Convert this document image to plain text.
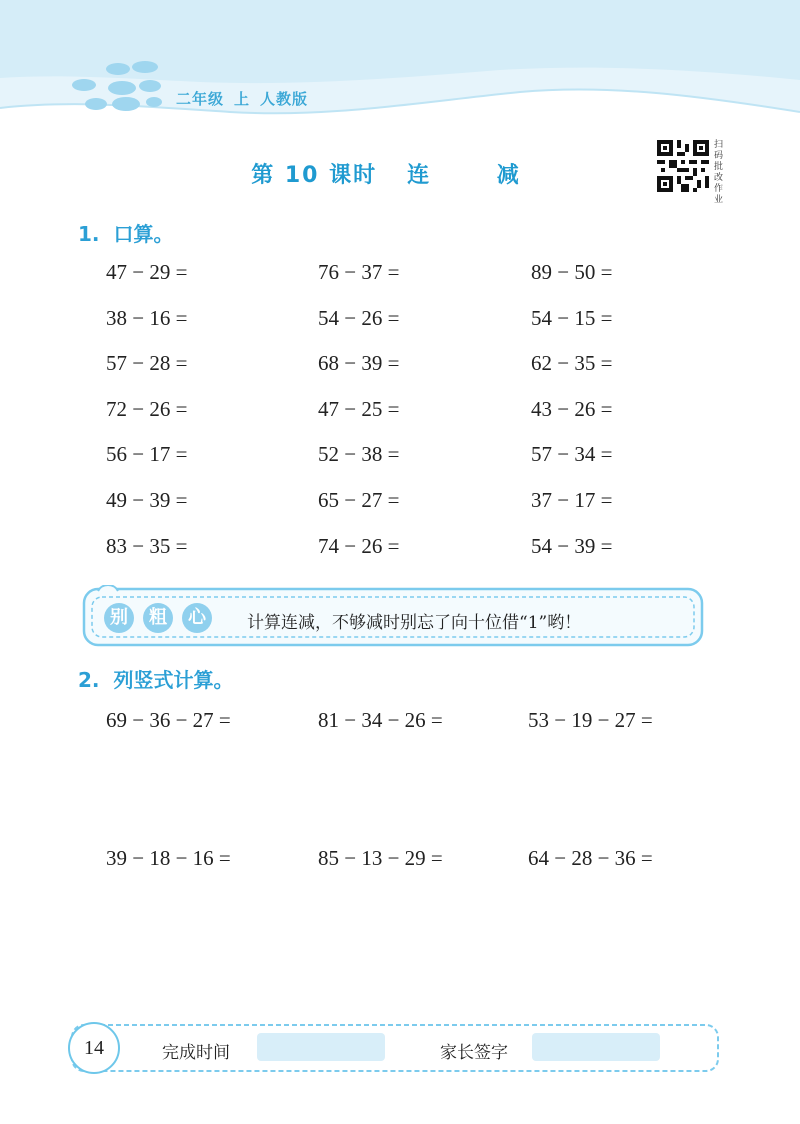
二年级 上 人教版
第 10 课时 连 减
扫码批改作业
1. 口算。
47 − 29 =	76 − 37 =	89 − 50 =
38 − 16 =	54 − 26 =	54 − 15 =
57 − 28 =	68 − 39 =	62 − 35 =
72 − 26 =	47 − 25 =	43 − 26 =
56 − 17 =	52 − 38 =	57 − 34 =
49 − 39 =	65 − 27 =	37 − 17 =
83 − 35 =	74 − 26 =	54 − 39 =
别	粗	心	计算连减，不够减时别忘了向十位借“1”哟！
2. 列竖式计算。
69 − 36 − 27 =	81 − 34 − 26 =	53 − 19 − 27 =
39 − 18 − 16 =	85 − 13 − 29 =	64 − 28 − 36 =
14	完成时间	家长签字
